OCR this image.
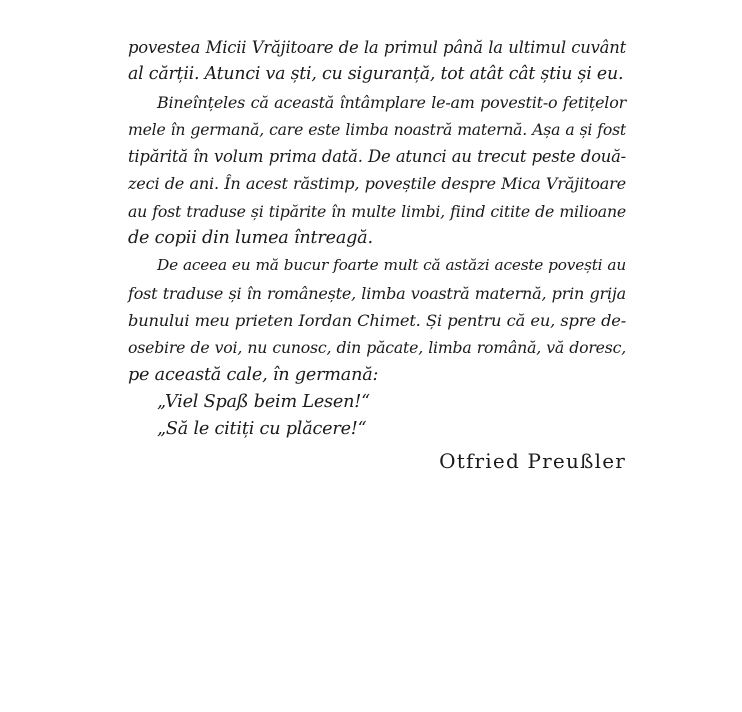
povestea Micii Vrăjitoare de la primul până la ultimul cuvânt
al cărții. Atunci va ști, cu siguranță, tot atât cât știu și eu.
Bineînțeles că această întâmplare le-am povestit-o fetițelor
mele în germană, care este limba noastră maternă. Așa a și fost
tipărită în volum prima dată. De atunci au trecut peste două-
zeci de ani. În acest răstimp, poveștile despre Mica Vrăjitoare
au fost traduse și tipărite în multe limbi, fiind citite de milioane
de copii din lumea întreagă.
De aceea eu mă bucur foarte mult că astăzi aceste povești au
fost traduse și în românește, limba voastră maternă, prin grija
bunului meu prieten Iordan Chimet. Și pentru că eu, spre de-
osebire de voi, nu cunosc, din păcate, limba română, vă doresc,
pe această cale, în germană:
„Viel Spaß beim Lesen!“
„Să le citiți cu plăcere!“
Otfried Preußler
